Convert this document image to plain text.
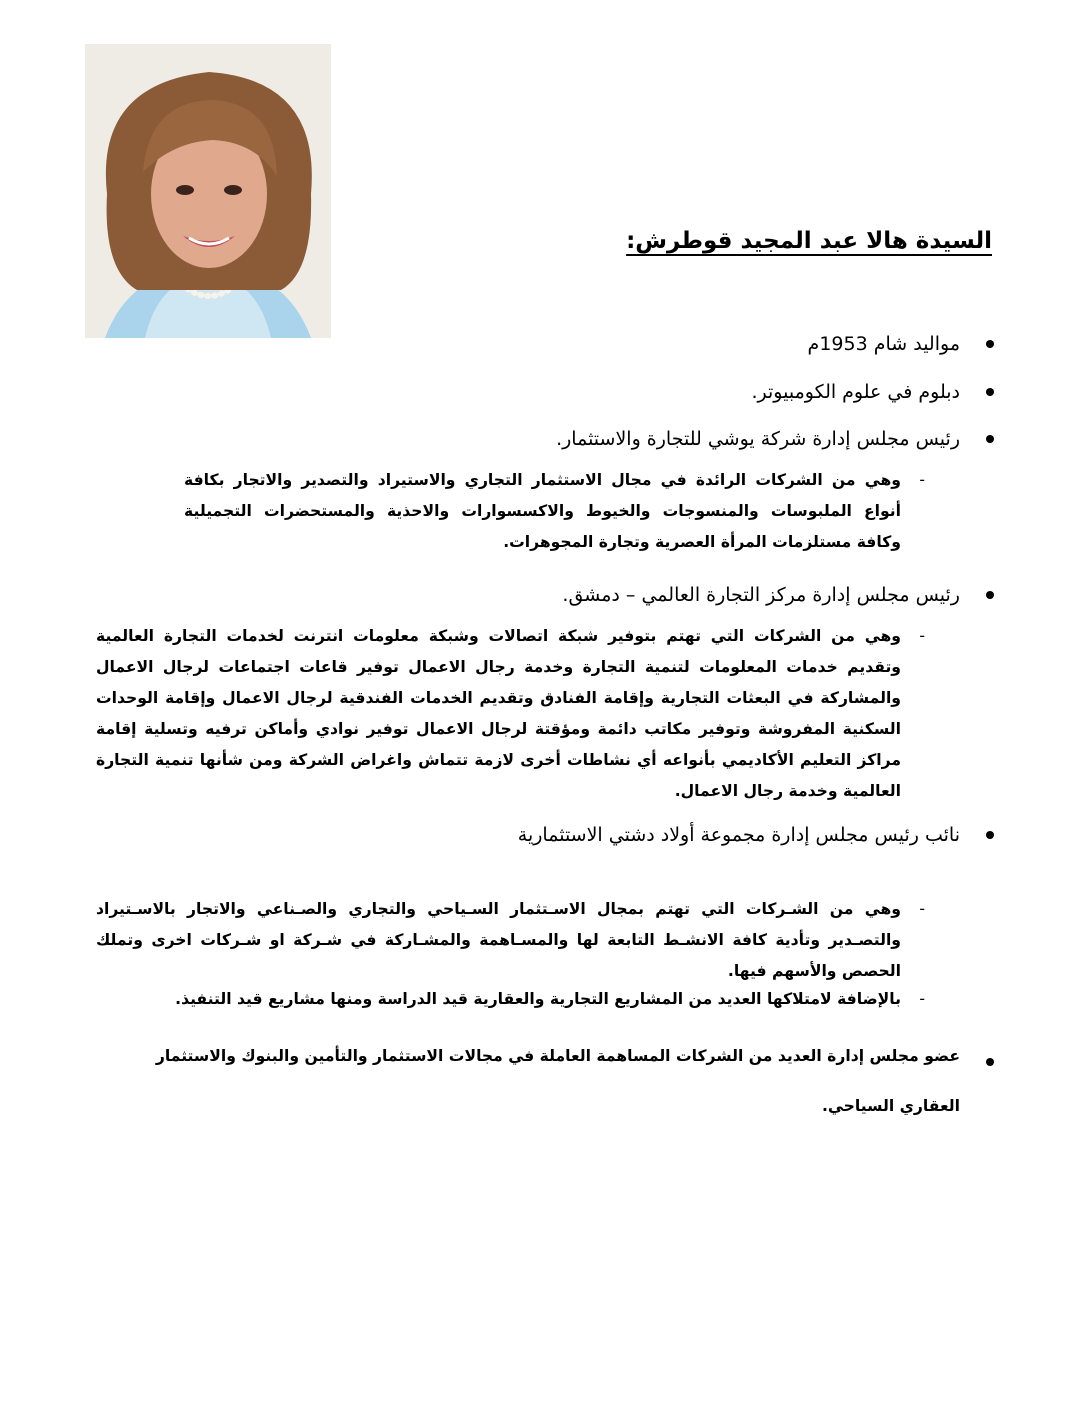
السيدة هالا عبد المجيد قوطرش:
مواليد شام 1953م
دبلوم في علوم الكومبيوتر.
رئيس مجلس إدارة شركة يوشي للتجارة والاستثمار.
وهي من الشركات الرائدة في مجال الاستثمار التجاري والاستيراد والتصدير والاتجار بكافة أنواع الملبوسات والمنسوجات والخيوط والاكسسوارات والاحذية والمستحضرات التجميلية وكافة مستلزمات المرأة العصرية وتجارة المجوهرات. -
رئيس مجلس إدارة مركز التجارة العالمي – دمشق.
وهي من الشركات التي تهتم بتوفير شبكة اتصالات وشبكة معلومات انترنت لخدمات التجارة العالمية وتقديم خدمات المعلومات لتنمية التجارة وخدمة رجال الاعمال توفير قاعات اجتماعات لرجال الاعمال والمشاركة في البعثات التجارية وإقامة الفنادق وتقديم الخدمات الفندقية لرجال الاعمال وإقامة الوحدات السكنية المفروشة وتوفير مكاتب دائمة ومؤقتة لرجال الاعمال توفير نوادي وأماكن ترفيه وتسلية إقامة مراكز التعليم الأكاديمي بأنواعه أي نشاطات أخرى لازمة تتماش واغراض الشركة ومن شأنها تنمية التجارة العالمية وخدمة رجال الاعمال. -
نائب رئيس مجلس إدارة مجموعة أولاد دشتي الاستثمارية
وهي من الشـركات التي تهتم بمجال الاسـتثمار السـياحي والتجاري والصـناعي والاتجار بالاسـتيراد والتصـدير وتأدية كافة الانشـط التابعة لها والمسـاهمة والمشـاركة في شـركة او شـركات اخرى وتملك الحصص والأسهم فيها. -
بالإضافة لامتلاكها العديد من المشاريع التجارية والعقارية قيد الدراسة ومنها مشاريع قيد التنفيذ. -
عضو مجلس إدارة العديد من الشركات المساهمة العاملة في مجالات الاستثمار والتأمين والبنوك والاستثمار
العقاري السياحي.
